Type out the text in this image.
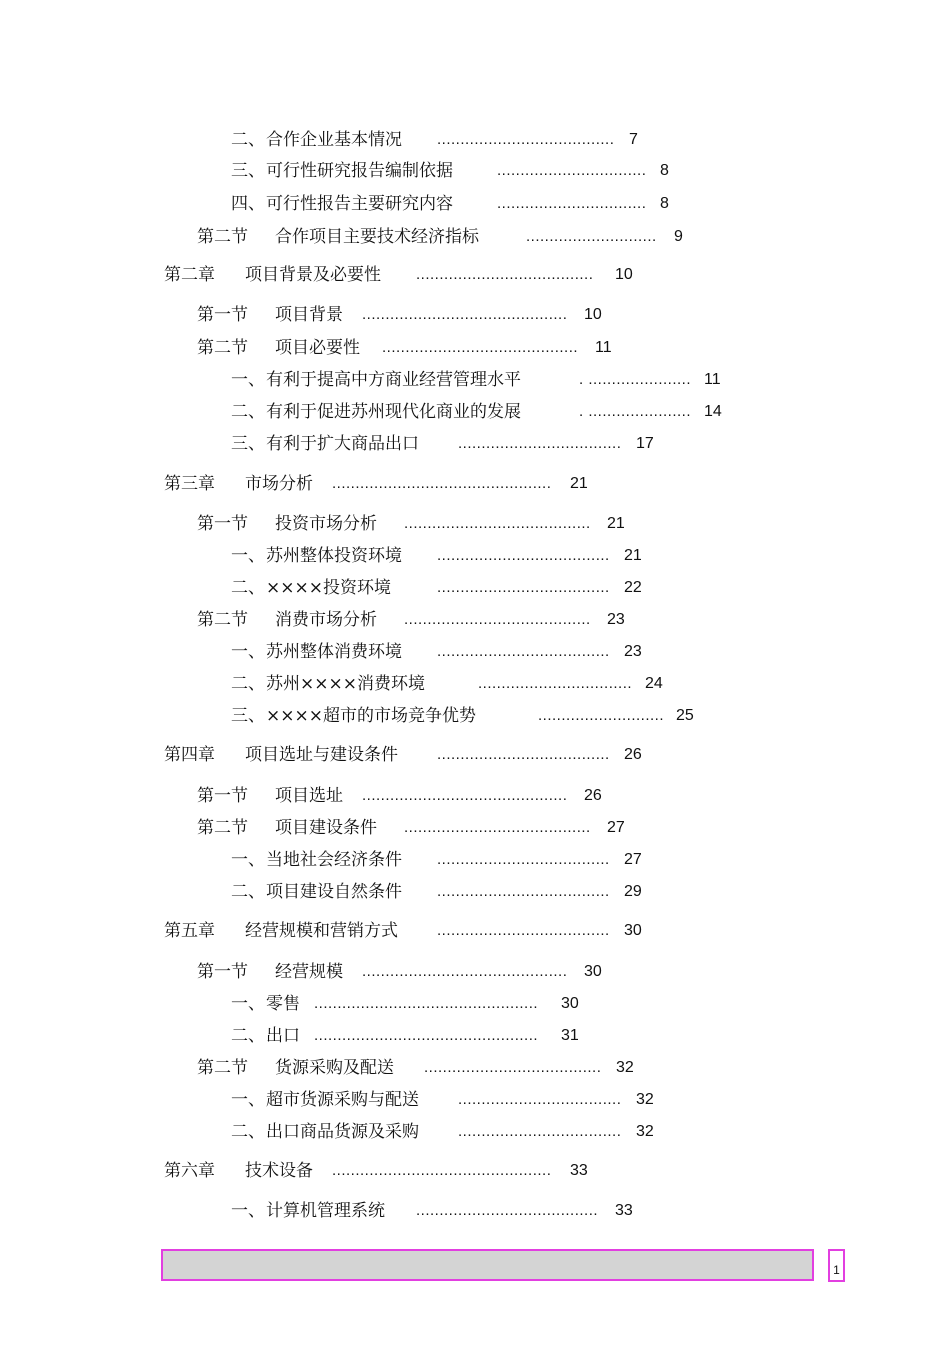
二、 合作企业基本情况 ...................................... 7
三、 可行性研究报告编制依据	................................ 8
四、 可行性报告主要研究内容	................................ 8
第二节 合作项目主要技术经济指标	............................ 9
第二章 项目背景及必要性 ...................................... 10
第一节 项目背景 ............................................ 10
第二节 项目必要性 .......................................... 11
一、 有利于提高中方商业经营管理水平	. ...................... 11
二、 有利于促进苏州现代化商业的发展	. ...................... 14
三、 有利于扩大商品出口	................................... 17
第三章 市场分析 ............................................... 21
第一节 投资市场分析 ........................................ 21
一、 苏州整体投资环境 ..................................... 21
二、 ××××投资环境	..................................... 22
第二节 消费市场分析 ........................................ 23
一、 苏州整体消费环境 ..................................... 23
二、 苏州××××消费环境	................................. 24
三、 ××××超市的市场竞争优势	........................... 25
第四章 项目选址与建设条件	..................................... 26
第一节 项目选址 ............................................ 26
第二节 项目建设条件 ........................................ 27
一、 当地社会经济条件 ..................................... 27
二、 项目建设自然条件 ..................................... 29
第五章 经营规模和营销方式	..................................... 30
第一节 经营规模 ............................................ 30
一、 零售 ................................................ 30
二、 出口 ................................................ 31
第二节 货源采购及配送 ...................................... 32
一、 超市货源采购与配送	................................... 32
二、 出口商品货源及采购	................................... 32
第六章 技术设备 ............................................... 33
一、 计算机管理系统 ....................................... 33
1
